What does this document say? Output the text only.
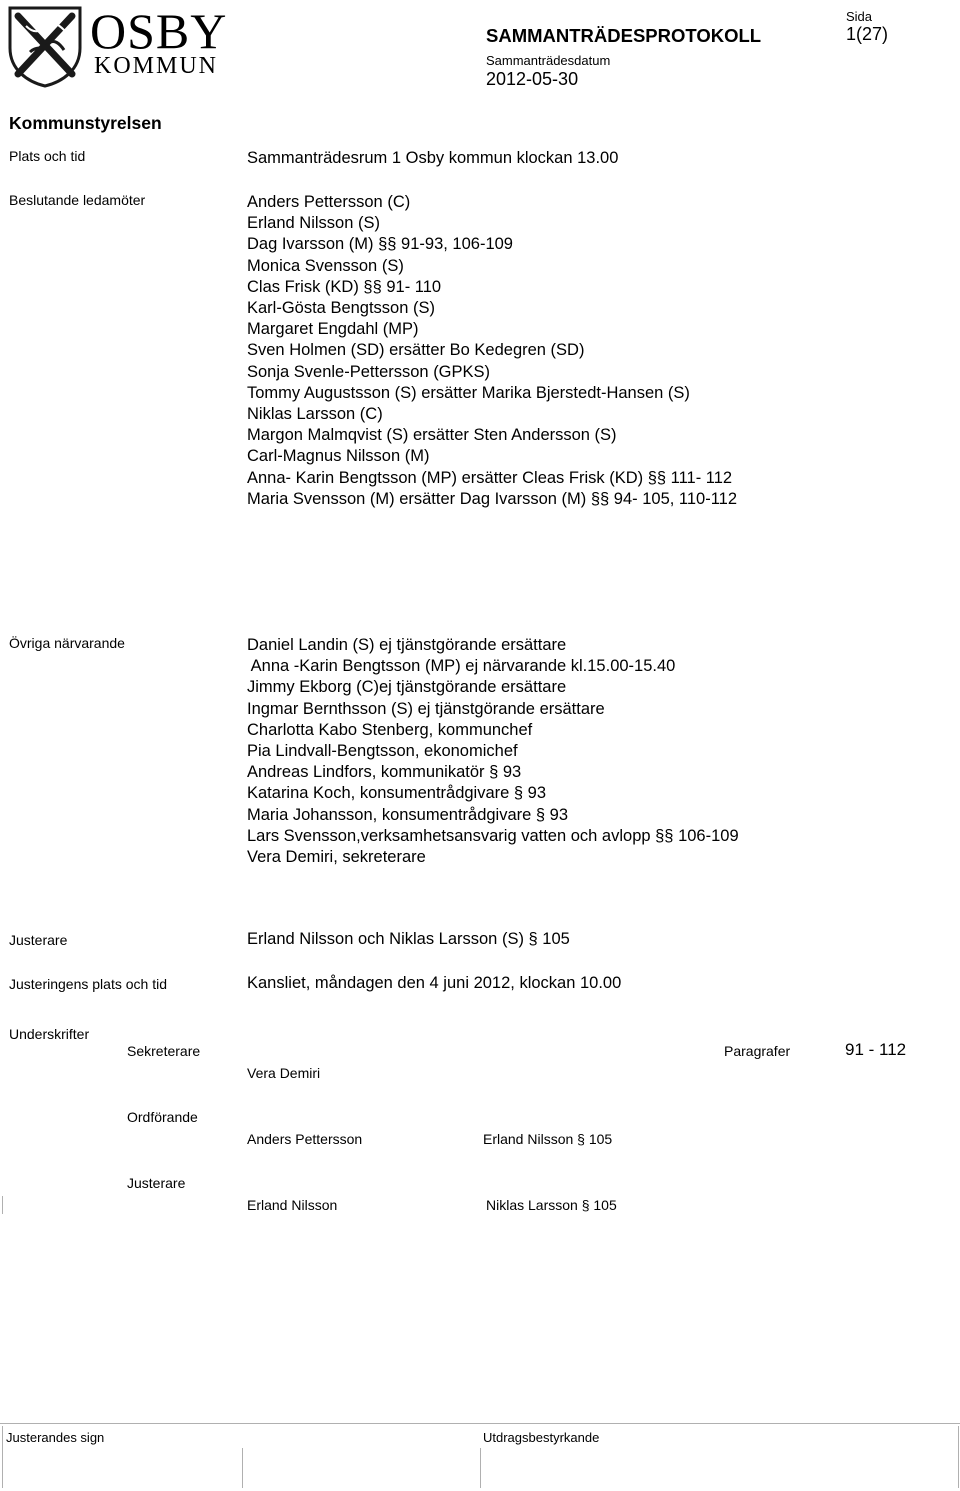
OSBY
KOMMUN
SAMMANTRÄDESPROTOKOLL
Sammanträdesdatum
2012-05-30
Sida
1(27)
Kommunstyrelsen
Plats och tid	Sammanträdesrum 1 Osby kommun klockan 13.00
Beslutande ledamöter	Anders Pettersson (C)
Erland Nilsson (S)
Dag Ivarsson (M) §§ 91-93, 106-109
Monica Svensson (S)
Clas Frisk (KD) §§ 91- 110
Karl-Gösta Bengtsson (S)
Margaret Engdahl (MP)
Sven Holmen (SD) ersätter Bo Kedegren (SD)
Sonja Svenle-Pettersson (GPKS)
Tommy Augustsson (S) ersätter Marika Bjerstedt-Hansen (S)
Niklas Larsson (C)
Margon Malmqvist (S) ersätter Sten Andersson (S)
Carl-Magnus Nilsson (M)
Anna- Karin Bengtsson (MP) ersätter Cleas Frisk (KD) §§ 111- 112
Maria Svensson (M) ersätter Dag Ivarsson (M) §§ 94- 105, 110-112
Övriga närvarande	Daniel Landin (S) ej tjänstgörande ersättare
Anna -Karin Bengtsson (MP) ej närvarande kl.15.00-15.40
Jimmy Ekborg (C)ej tjänstgörande ersättare
Ingmar Bernthsson (S) ej tjänstgörande ersättare
Charlotta Kabo Stenberg, kommunchef
Pia Lindvall-Bengtsson, ekonomichef
Andreas Lindfors, kommunikatör § 93
Katarina Koch, konsumentrådgivare § 93
Maria Johansson, konsumentrådgivare § 93
Lars Svensson,verksamhetsansvarig vatten och avlopp §§ 106-109
Vera Demiri, sekreterare
Justerare	Erland Nilsson och Niklas Larsson (S) § 105
Justeringens plats och tid	Kansliet, måndagen den 4 juni 2012, klockan 10.00
Underskrifter
Sekreterare
Vera Demiri
Paragrafer	91 - 112
Ordförande
Anders Pettersson	Erland Nilsson § 105
Justerare
Erland Nilsson	Niklas Larsson § 105
Justerandes sign	Utdragsbestyrkande
